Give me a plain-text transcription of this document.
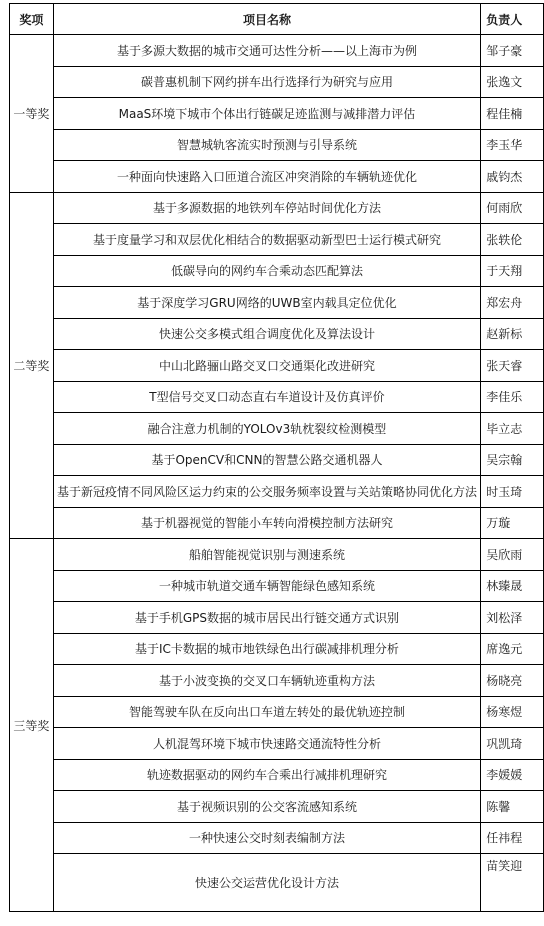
奖项	项目名称	负责人
一等奖	基于多源大数据的城市交通可达性分析——以上海市为例	邹子豪
	碳普惠机制下网约拼车出行选择行为研究与应用	张逸文
	MaaS环境下城市个体出行链碳足迹监测与减排潜力评估	程佳楠
	智慧城轨客流实时预测与引导系统	李玉华
	一种面向快速路入口匝道合流区冲突消除的车辆轨迹优化	戚钧杰
二等奖	基于多源数据的地铁列车停站时间优化方法	何雨欣
	基于度量学习和双层优化相结合的数据驱动新型巴士运行模式研究	张轶伦
	低碳导向的网约车合乘动态匹配算法	于天翔
	基于深度学习GRU网络的UWB室内载具定位优化	郑宏舟
	快速公交多模式组合调度优化及算法设计	赵新标
	中山北路骊山路交叉口交通渠化改进研究	张天睿
	T型信号交叉口动态直右车道设计及仿真评价	李佳乐
	融合注意力机制的YOLOv3轨枕裂纹检测模型	毕立志
	基于OpenCV和CNN的智慧公路交通机器人	吴宗翰
	基于新冠疫情不同风险区运力约束的公交服务频率设置与关站策略协同优化方法	时玉琦
	基于机器视觉的智能小车转向滑模控制方法研究	万璇
三等奖	船舶智能视觉识别与测速系统	吴欣雨
	一种城市轨道交通车辆智能绿色感知系统	林臻晟
	基于手机GPS数据的城市居民出行链交通方式识别	刘松泽
	基于IC卡数据的城市地铁绿色出行碳减排机理分析	席逸元
	基于小波变换的交叉口车辆轨迹重构方法	杨晓亮
	智能驾驶车队在反向出口车道左转处的最优轨迹控制	杨寒煜
	人机混驾环境下城市快速路交通流特性分析	巩凯琦
	轨迹数据驱动的网约车合乘出行减排机理研究	李媛媛
	基于视频识别的公交客流感知系统	陈馨
	一种快速公交时刻表编制方法	任祎程
	快速公交运营优化设计方法	苗笑迎
